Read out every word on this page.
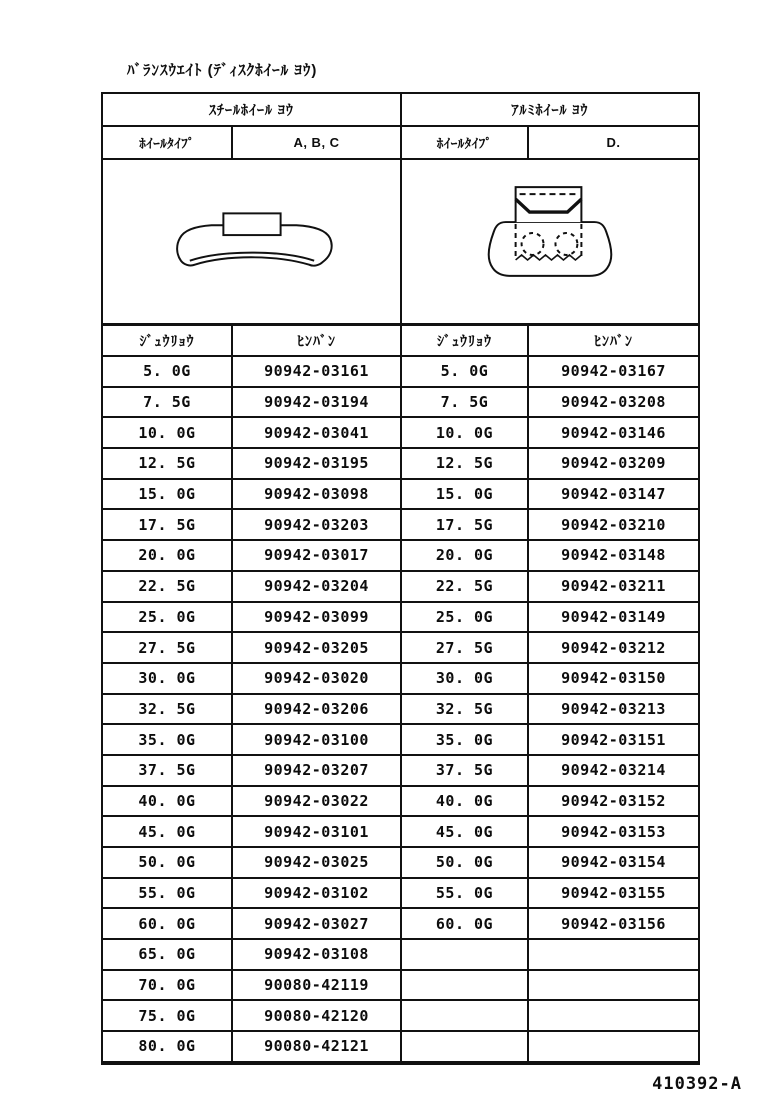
ﾊﾞﾗﾝｽｳｴｲﾄ (ﾃﾞｨｽｸﾎｲｰﾙ ﾖｳ)
ｽﾁｰﾙﾎｲｰﾙ ﾖｳ	ｱﾙﾐﾎｲｰﾙ ﾖｳ
ﾎｲｰﾙﾀｲﾌﾟ	A, B, C	ﾎｲｰﾙﾀｲﾌﾟ	D.
ｼﾞｭｳﾘｮｳ	ﾋﾝﾊﾞﾝ	ｼﾞｭｳﾘｮｳ	ﾋﾝﾊﾞﾝ
5. 0G	90942-03161	5. 0G	90942-03167
7. 5G	90942-03194	7. 5G	90942-03208
10. 0G	90942-03041	10. 0G	90942-03146
12. 5G	90942-03195	12. 5G	90942-03209
15. 0G	90942-03098	15. 0G	90942-03147
17. 5G	90942-03203	17. 5G	90942-03210
20. 0G	90942-03017	20. 0G	90942-03148
22. 5G	90942-03204	22. 5G	90942-03211
25. 0G	90942-03099	25. 0G	90942-03149
27. 5G	90942-03205	27. 5G	90942-03212
30. 0G	90942-03020	30. 0G	90942-03150
32. 5G	90942-03206	32. 5G	90942-03213
35. 0G	90942-03100	35. 0G	90942-03151
37. 5G	90942-03207	37. 5G	90942-03214
40. 0G	90942-03022	40. 0G	90942-03152
45. 0G	90942-03101	45. 0G	90942-03153
50. 0G	90942-03025	50. 0G	90942-03154
55. 0G	90942-03102	55. 0G	90942-03155
60. 0G	90942-03027	60. 0G	90942-03156
65. 0G	90942-03108
70. 0G	90080-42119
75. 0G	90080-42120
80. 0G	90080-42121
410392-A
